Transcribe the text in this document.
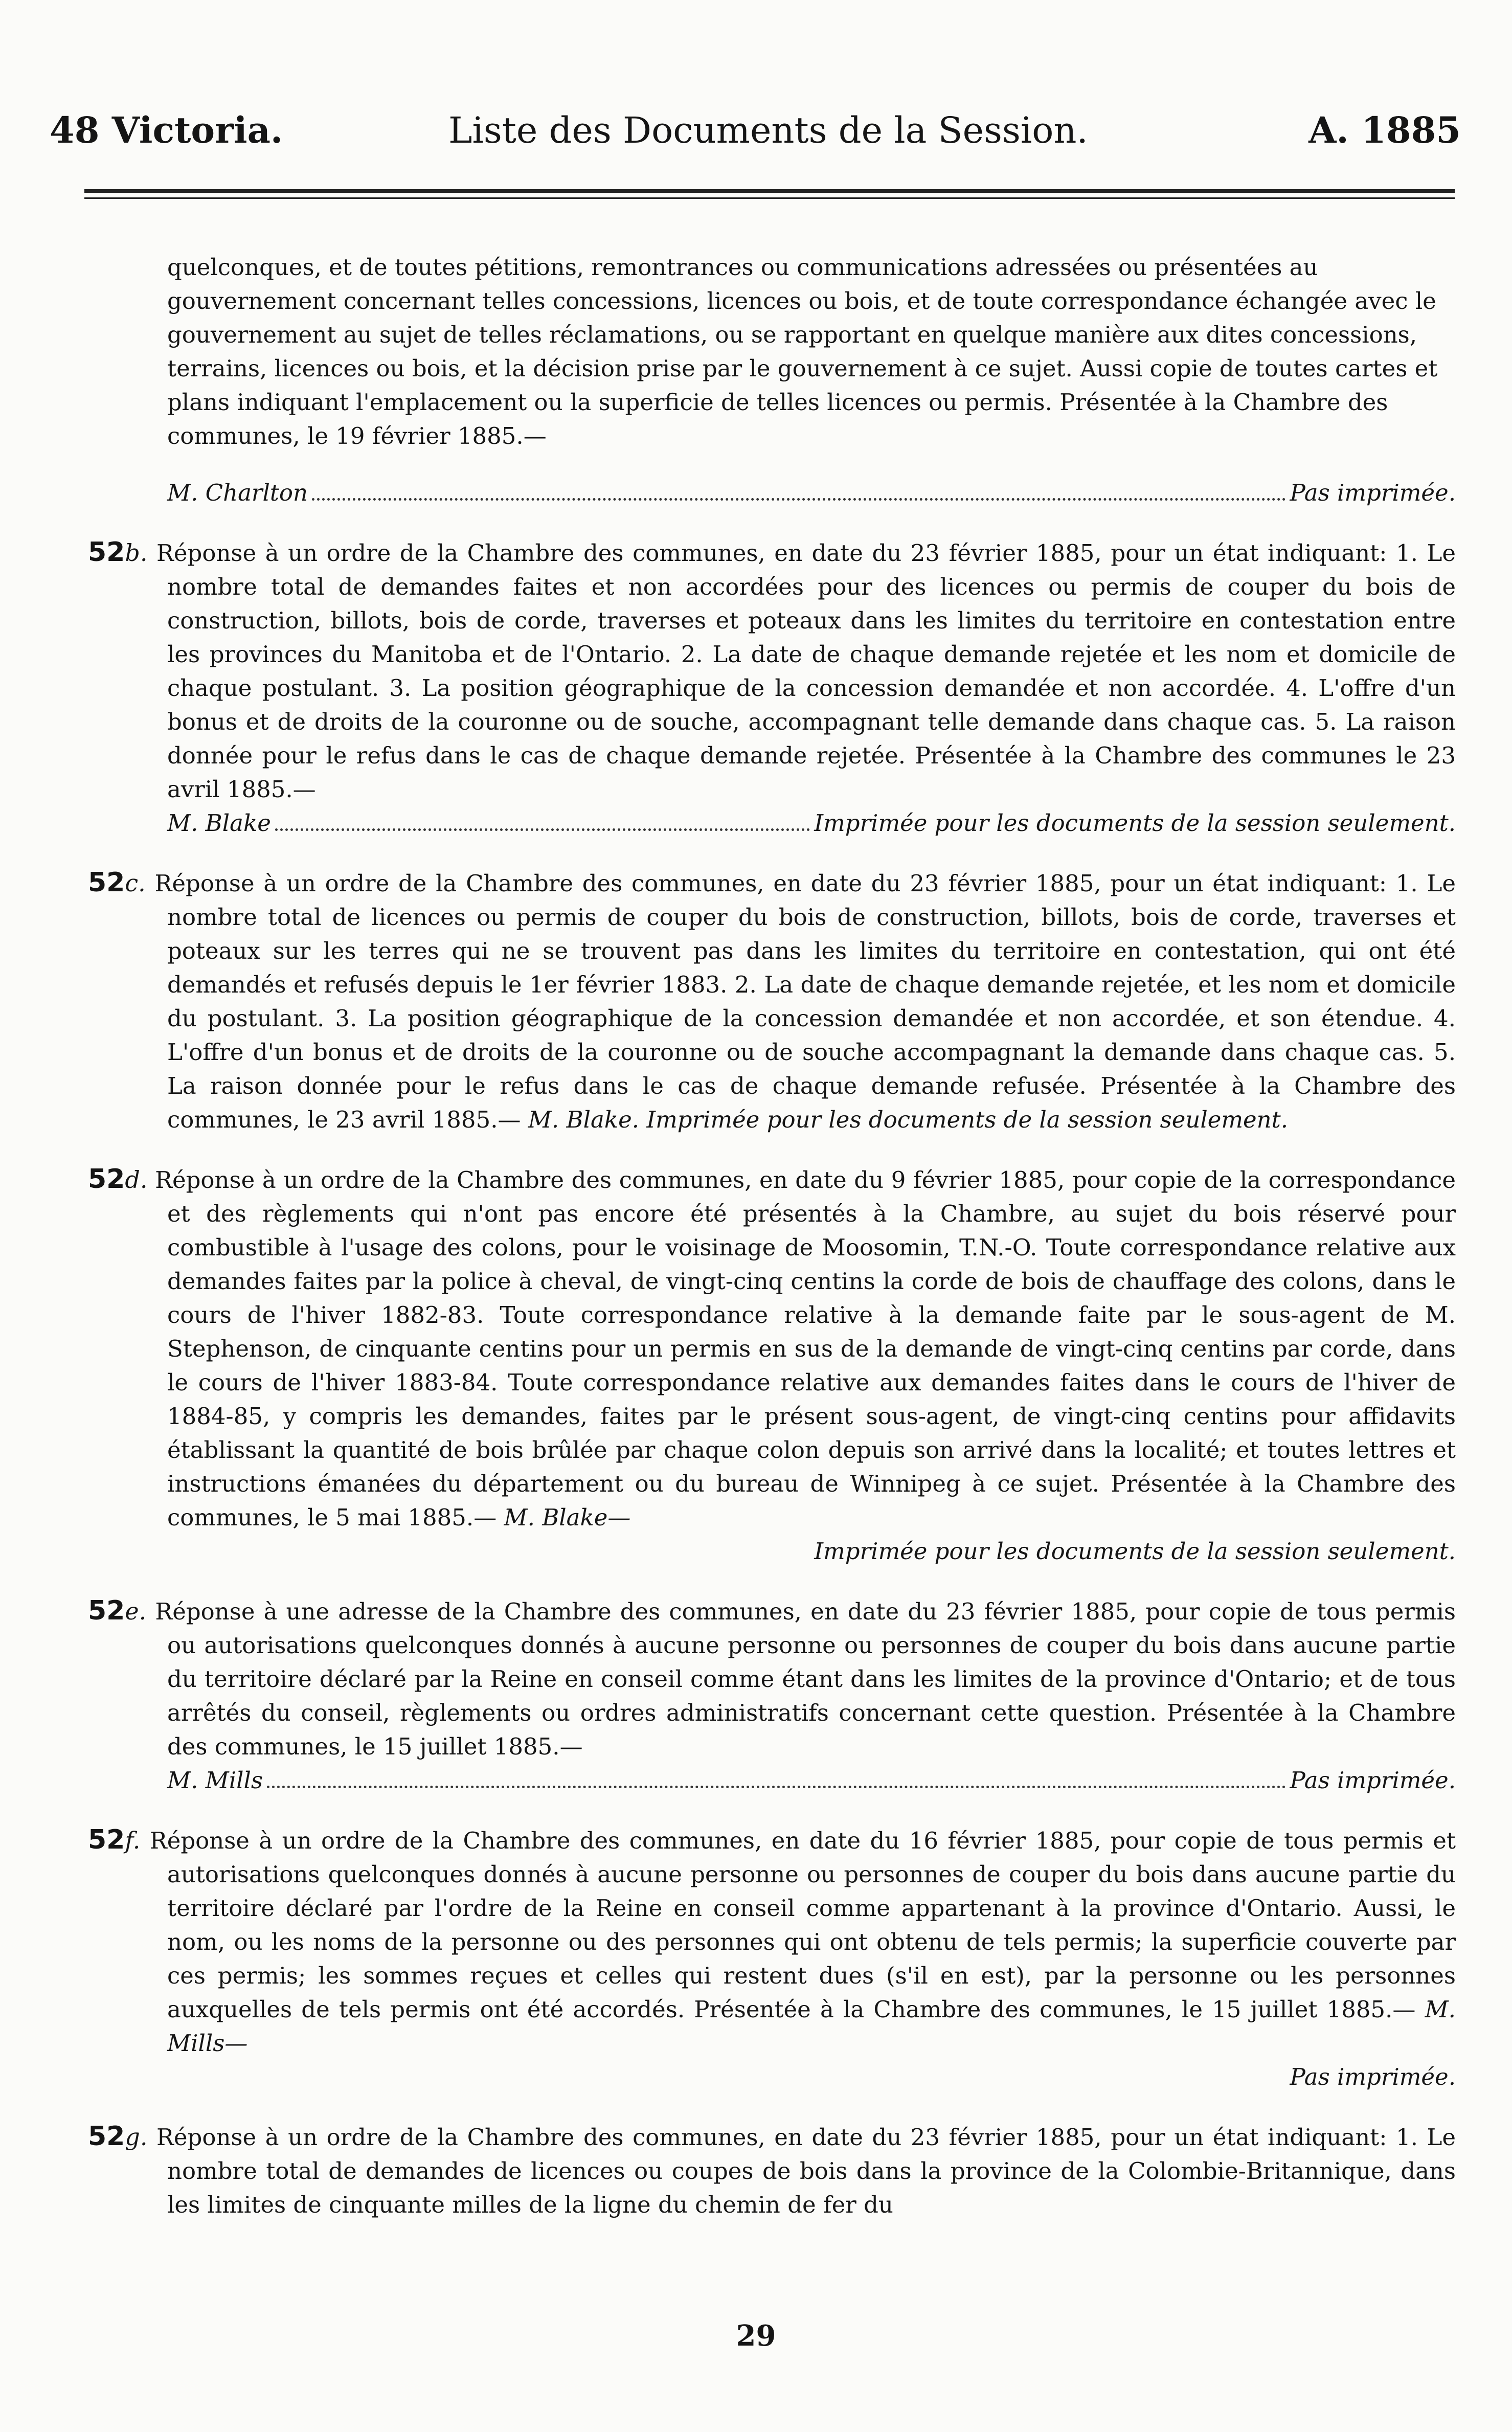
48 Victoria.	Liste des Documents de la Session.	A. 1885

quelconques, et de toutes pétitions, remontrances ou communications adressées ou présentées au gouvernement concernant telles concessions, licences ou bois, et de toute correspondance échangée avec le gouvernement au sujet de telles réclamations, ou se rapportant en quelque manière aux dites concessions, terrains, licences ou bois, et la décision prise par le gouvernement à ce sujet. Aussi copie de toutes cartes et plans indiquant l'emplacement ou la superficie de telles licences ou permis. Présentée à la Chambre des communes, le 19 février 1885.—

M. Charlton	Pas imprimée.

52b. Réponse à un ordre de la Chambre des communes, en date du 23 février 1885, pour un état indiquant: 1. Le nombre total de demandes faites et non accordées pour des licences ou permis de couper du bois de construction, billots, bois de corde, traverses et poteaux dans les limites du territoire en contestation entre les provinces du Manitoba et de l'Ontario. 2. La date de chaque demande rejetée et les nom et domicile de chaque postulant. 3. La position géographique de la concession demandée et non accordée. 4. L'offre d'un bonus et de droits de la couronne ou de souche, accompagnant telle demande dans chaque cas. 5. La raison donnée pour le refus dans le cas de chaque demande rejetée. Présentée à la Chambre des communes le 23 avril 1885.—

M. Blake	Imprimée pour les documents de la session seulement.

52c. Réponse à un ordre de la Chambre des communes, en date du 23 février 1885, pour un état indiquant: 1. Le nombre total de licences ou permis de couper du bois de construction, billots, bois de corde, traverses et poteaux sur les terres qui ne se trouvent pas dans les limites du territoire en contestation, qui ont été demandés et refusés depuis le 1er février 1883. 2. La date de chaque demande rejetée, et les nom et domicile du postulant. 3. La position géographique de la concession demandée et non accordée, et son étendue. 4. L'offre d'un bonus et de droits de la couronne ou de souche accompagnant la demande dans chaque cas. 5. La raison donnée pour le refus dans le cas de chaque demande refusée. Présentée à la Chambre des communes, le 23 avril 1885.— M. Blake. Imprimée pour les documents de la session seulement.

52d. Réponse à un ordre de la Chambre des communes, en date du 9 février 1885, pour copie de la correspondance et des règlements qui n'ont pas encore été présentés à la Chambre, au sujet du bois réservé pour combustible à l'usage des colons, pour le voisinage de Moosomin, T.N.-O. Toute correspondance relative aux demandes faites par la police à cheval, de vingt-cinq centins la corde de bois de chauffage des colons, dans le cours de l'hiver 1882-83. Toute correspondance relative à la demande faite par le sous-agent de M. Stephenson, de cinquante centins pour un permis en sus de la demande de vingt-cinq centins par corde, dans le cours de l'hiver 1883-84. Toute correspondance relative aux demandes faites dans le cours de l'hiver de 1884-85, y compris les demandes, faites par le présent sous-agent, de vingt-cinq centins pour affidavits établissant la quantité de bois brûlée par chaque colon depuis son arrivé dans la localité; et toutes lettres et instructions émanées du département ou du bureau de Winnipeg à ce sujet. Présentée à la Chambre des communes, le 5 mai 1885.— M. Blake—

Imprimée pour les documents de la session seulement.

52e. Réponse à une adresse de la Chambre des communes, en date du 23 février 1885, pour copie de tous permis ou autorisations quelconques donnés à aucune personne ou personnes de couper du bois dans aucune partie du territoire déclaré par la Reine en conseil comme étant dans les limites de la province d'Ontario; et de tous arrêtés du conseil, règlements ou ordres administratifs concernant cette question. Présentée à la Chambre des communes, le 15 juillet 1885.—

M. Mills	Pas imprimée.

52f. Réponse à un ordre de la Chambre des communes, en date du 16 février 1885, pour copie de tous permis et autorisations quelconques donnés à aucune personne ou personnes de couper du bois dans aucune partie du territoire déclaré par l'ordre de la Reine en conseil comme appartenant à la province d'Ontario. Aussi, le nom, ou les noms de la personne ou des personnes qui ont obtenu de tels permis; la superficie couverte par ces permis; les sommes reçues et celles qui restent dues (s'il en est), par la personne ou les personnes auxquelles de tels permis ont été accordés. Présentée à la Chambre des communes, le 15 juillet 1885.— M. Mills—

Pas imprimée.

52g. Réponse à un ordre de la Chambre des communes, en date du 23 février 1885, pour un état indiquant: 1. Le nombre total de demandes de licences ou coupes de bois dans la province de la Colombie-Britannique, dans les limites de cinquante milles de la ligne du chemin de fer du

29
